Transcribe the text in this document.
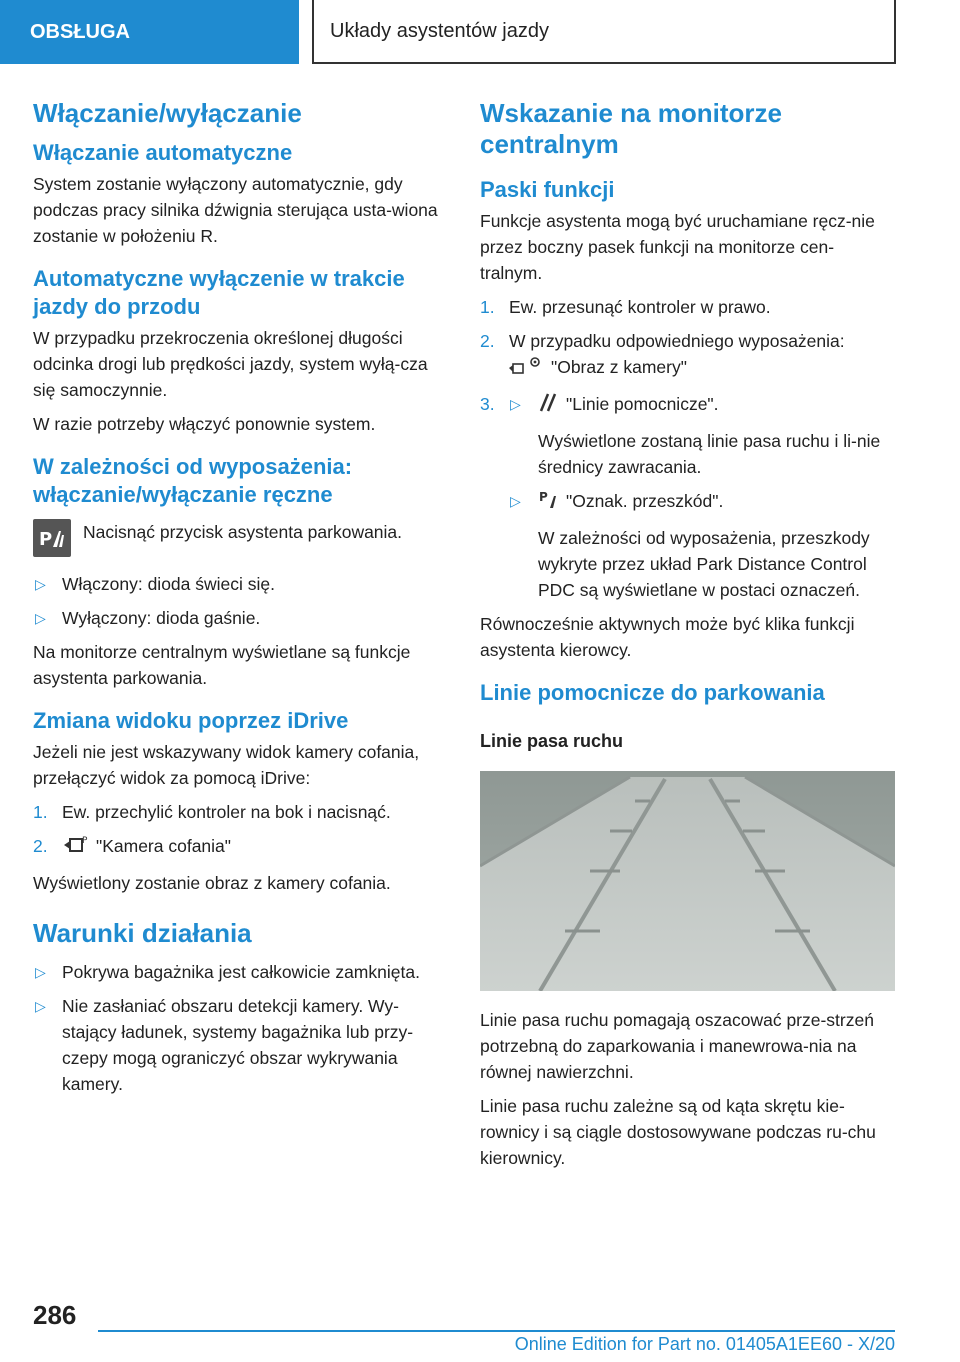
OBSŁUGA	Układy asystentów jazdy
Włączanie/wyłączanie
Włączanie automatyczne

System zostanie wyłączony automatycznie, gdy podczas pracy silnika dźwignia sterująca usta-wiona zostanie w położeniu R.

Automatyczne wyłączenie w trakcie jazdy do przodu

W przypadku przekroczenia określonej długości odcinka drogi lub prędkości jazdy, system wyłą-cza się samoczynnie.

W razie potrzeby włączyć ponownie system.

W zależności od wyposażenia: włączanie/wyłączanie ręczne
P Nacisnąć przycisk asystenta parkowania.

▷ Włączony: dioda świeci się.
▷ Wyłączony: dioda gaśnie.

Na monitorze centralnym wyświetlane są funkcje asystenta parkowania.

Zmiana widoku poprzez iDrive

Jeżeli nie jest wskazywany widok kamery cofania, przełączyć widok za pomocą iDrive:

1. Ew. przechylić kontroler na bok i nacisnąć.
2.	P "Kamera cofania"

Wyświetlony zostanie obraz z kamery cofania.

Warunki działania
▷ Pokrywa bagażnika jest całkowicie zamknięta.
▷ Nie zasłaniać obszaru detekcji kamery. Wy-stający ładunek, systemy bagażnika lub przy-czepy mogą ograniczyć obszar wykrywania kamery.
Wskazanie na monitorze centralnym
Paski funkcji

Funkcje asystenta mogą być uruchamiane ręcz-nie przez boczny pasek funkcji na monitorze cen-tralnym.

1. Ew. przesunąć kontroler w prawo.
2. W przypadku odpowiedniego wyposażenia:
"Obraz z kamery"
3. ▷	"Linie pomocnicze".

Wyświetlone zostaną linie pasa ruchu i li-nie średnicy zawracania.

▷ P "Oznak. przeszkód".

W zależności od wyposażenia, przeszkody wykryte przez układ Park Distance Control PDC są wyświetlane w postaci oznaczeń.

Równocześnie aktywnych może być klika funkcji asystenta kierowcy.

Linie pomocnicze do parkowania
Linie pasa ruchu

Linie pasa ruchu pomagają oszacować prze-strzeń potrzebną do zaparkowania i manewrowa-nia na równej nawierzchni.

Linie pasa ruchu zależne są od kąta skrętu kie-rownicy i są ciągle dostosowywane podczas ru-chu kierownicy.

286
Online Edition for Part no. 01405A1EE60 - X/20
